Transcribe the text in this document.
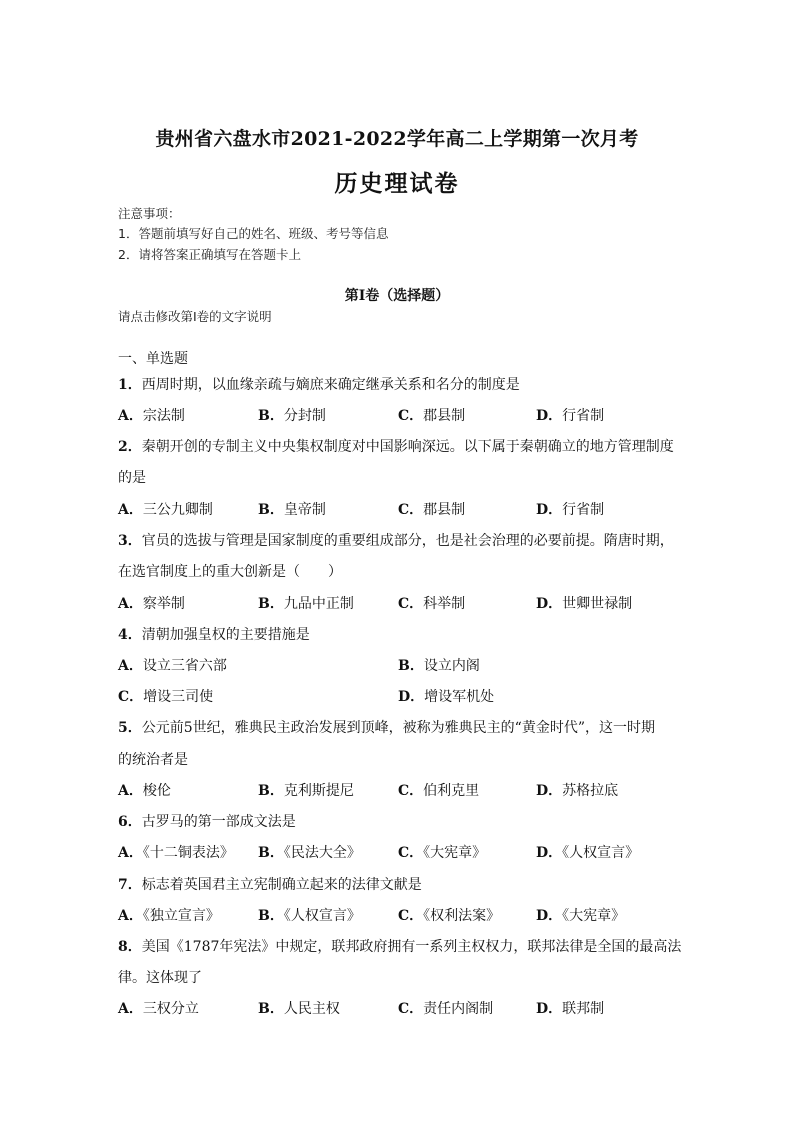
贵州省六盘水市2021-2022学年高二上学期第一次月考
历史理试卷
注意事项：
1．答题前填写好自己的姓名、班级、考号等信息
2．请将答案正确填写在答题卡上
第I卷（选择题）
请点击修改第I卷的文字说明
一、单选题
1．西周时期，以血缘亲疏与嫡庶来确定继承关系和名分的制度是
A．宗法制	B．分封制	C．郡县制	D．行省制
2．秦朝开创的专制主义中央集权制度对中国影响深远。以下属于秦朝确立的地方管理制度
的是
A．三公九卿制	B．皇帝制	C．郡县制	D．行省制
3．官员的选拔与管理是国家制度的重要组成部分，也是社会治理的必要前提。隋唐时期，
在选官制度上的重大创新是（　　）
A．察举制	B．九品中正制	C．科举制	D．世卿世禄制
4．清朝加强皇权的主要措施是
A．设立三省六部	B．设立内阁
C．增设三司使	D．增设军机处
5．公元前5世纪，雅典民主政治发展到顶峰，被称为雅典民主的“黄金时代”，这一时期
的统治者是
A．梭伦	B．克利斯提尼	C．伯利克里	D．苏格拉底
6．古罗马的第一部成文法是
A．《十二铜表法》 B．《民法大全》	C．《大宪章》	D．《人权宣言》
7．标志着英国君主立宪制确立起来的法律文献是
A．《独立宣言》	B．《人权宣言》	C．《权利法案》	D．《大宪章》
8．美国《1787年宪法》中规定，联邦政府拥有一系列主权权力，联邦法律是全国的最高法
律。这体现了
A．三权分立	B．人民主权	C．责任内阁制	D．联邦制
